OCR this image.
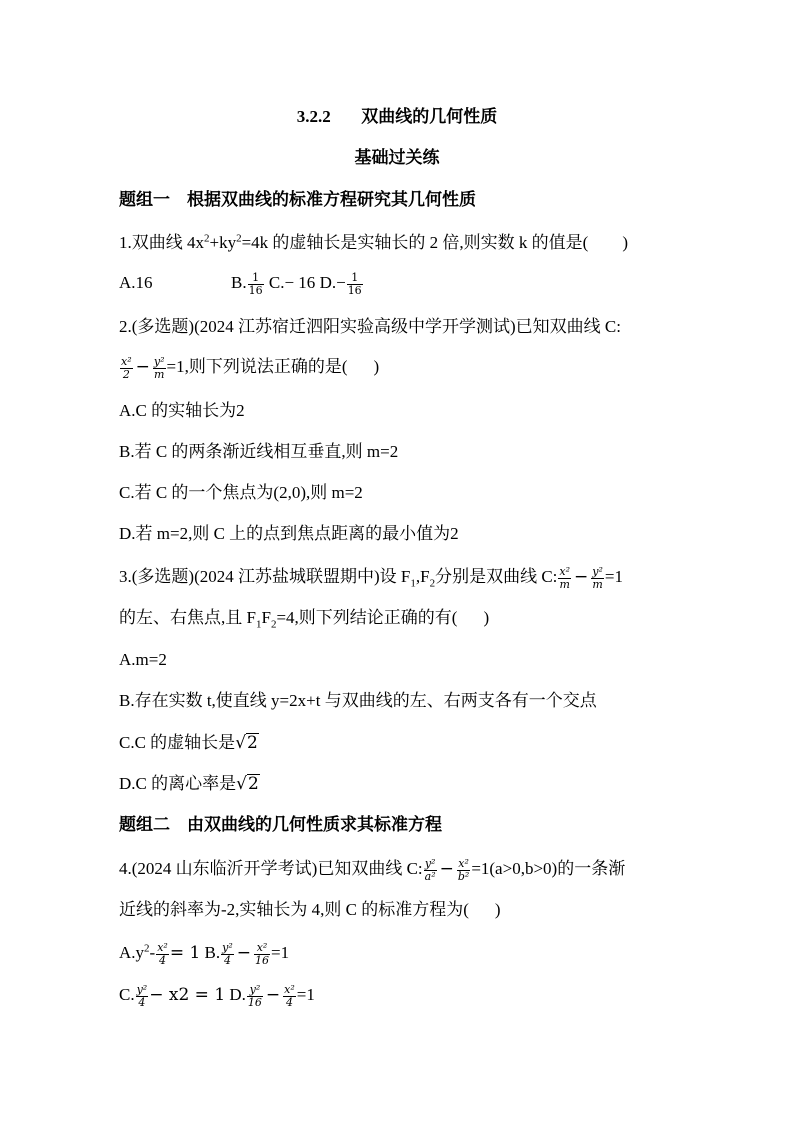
3.2.2 双曲线的几何性质
基础过关练
题组一　根据双曲线的标准方程研究其几何性质
1.双曲线 $4x^2+ky^2=4k$ 的虚轴长是实轴长的 2 倍,则实数 k 的值是( )
A.16	B. $\frac{1}{16} C.- 16$ $D.- \frac{1}{16}$
2.(多选题)(2024 江苏宿迁泗阳实验高级中学开学测试)已知双曲线 C:
$\frac{\text{x²}}{2} - \frac{\text{y²}}{m} =1$,则下列说法正确的是( )
A.C 的实轴长为2
B.若 C 的两条渐近线相互垂直,则 m=2
C.若 C 的一个焦点为(2,0),则 m=2
D.若 m=2,则 C 上的点到焦点距离的最小值为2
3.(多选题)(2024 江苏盐城联盟期中)设 $F_1,F_2$分别是双曲线 C: $\frac{\text{x²}}{m} - \frac{\text{y²}}{m} =1$
的左、右焦点,且 $F_1F_2=4$,则下列结论正确的有( )
A.m=2
B.存在实数 t,使直线 y=2x+t 与双曲线的左、右两支各有一个交点
C.C 的虚轴长是√2
D.C 的离心率是√2
题组二　由双曲线的几何性质求其标准方程
4.(2024 山东临沂开学考试)已知双曲线 C: $\frac{\text{y²}}{\text{a²}} - \frac{\text{x²}}{\text{b²}} =1(a>0,b>0)$的一条渐
近线的斜率为-2,实轴长为 4,则 C 的标准方程为( )
$A.y^2- \frac{\text{x²}}{4} = 1$ B. $\frac{\text{y²}}{4} - \frac{\text{x²}}{16} =1$
C. $\frac{\text{y²}}{4} - x2 = 1$ D. $\frac{\text{y²}}{16} - \frac{\text{x²}}{4} =1$
